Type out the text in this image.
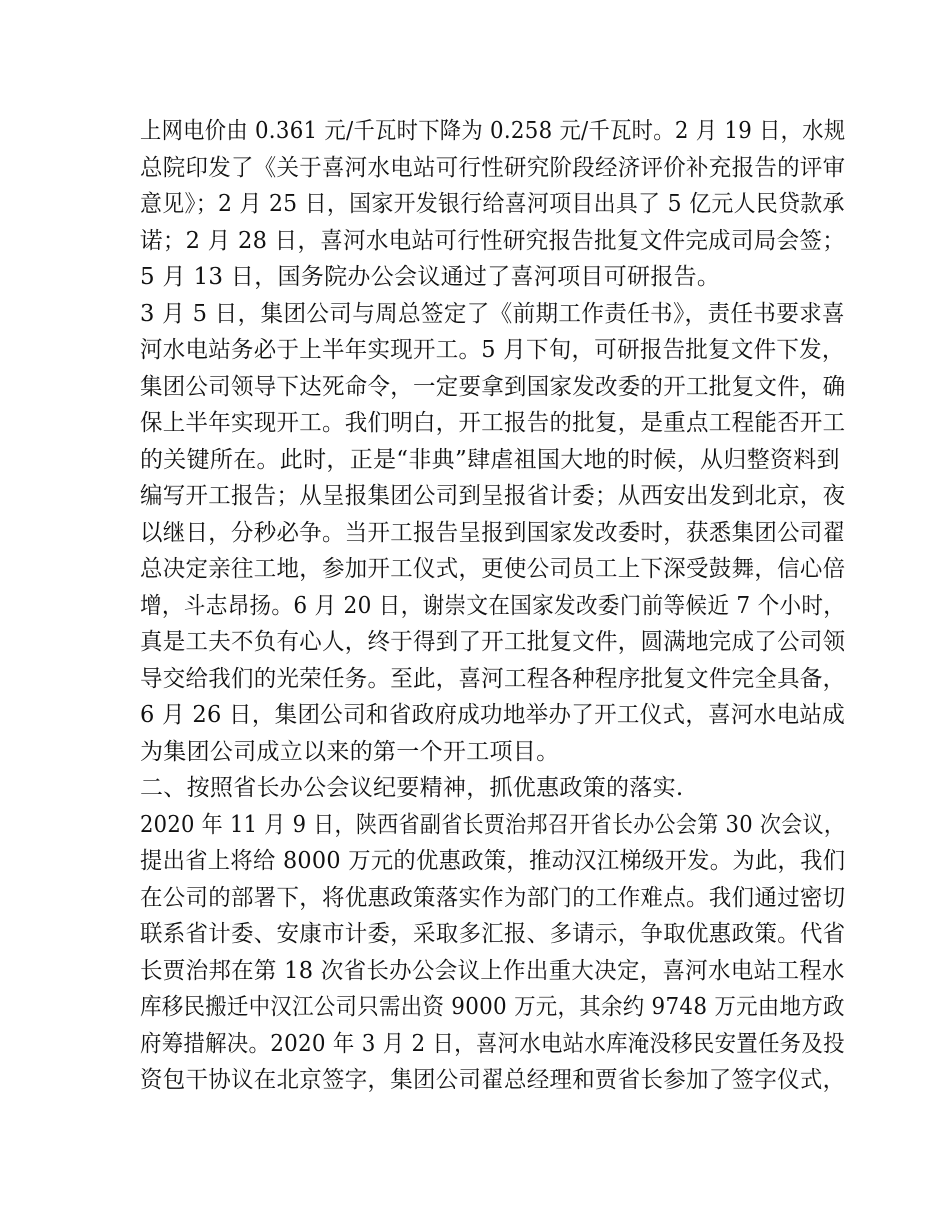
上网电价由 0.361 元/千瓦时下降为 0.258 元/千瓦时。2 月 19 日，水规
总院印发了《关于喜河水电站可行性研究阶段经济评价补充报告的评审
意见》；2 月 25 日，国家开发银行给喜河项目出具了 5 亿元人民贷款承
诺；2 月 28 日，喜河水电站可行性研究报告批复文件完成司局会签；
5 月 13 日，国务院办公会议通过了喜河项目可研报告。
3 月 5 日，集团公司与周总签定了《前期工作责任书》，责任书要求喜
河水电站务必于上半年实现开工。5 月下旬，可研报告批复文件下发，
集团公司领导下达死命令，一定要拿到国家发改委的开工批复文件，确
保上半年实现开工。我们明白，开工报告的批复，是重点工程能否开工
的关键所在。此时，正是“非典”肆虐祖国大地的时候，从归整资料到
编写开工报告；从呈报集团公司到呈报省计委；从西安出发到北京，夜
以继日，分秒必争。当开工报告呈报到国家发改委时，获悉集团公司翟
总决定亲往工地，参加开工仪式，更使公司员工上下深受鼓舞，信心倍
增，斗志昂扬。6 月 20 日，谢崇文在国家发改委门前等候近 7 个小时，
真是工夫不负有心人，终于得到了开工批复文件，圆满地完成了公司领
导交给我们的光荣任务。至此，喜河工程各种程序批复文件完全具备，
6 月 26 日，集团公司和省政府成功地举办了开工仪式，喜河水电站成
为集团公司成立以来的第一个开工项目。
二、按照省长办公会议纪要精神，抓优惠政策的落实.
2020 年 11 月 9 日，陕西省副省长贾治邦召开省长办公会第 30 次会议，
提出省上将给 8000 万元的优惠政策，推动汉江梯级开发。为此，我们
在公司的部署下，将优惠政策落实作为部门的工作难点。我们通过密切
联系省计委、安康市计委，采取多汇报、多请示，争取优惠政策。代省
长贾治邦在第 18 次省长办公会议上作出重大决定，喜河水电站工程水
库移民搬迁中汉江公司只需出资 9000 万元，其余约 9748 万元由地方政
府筹措解决。2020 年 3 月 2 日，喜河水电站水库淹没移民安置任务及投
资包干协议在北京签字，集团公司翟总经理和贾省长参加了签字仪式，
